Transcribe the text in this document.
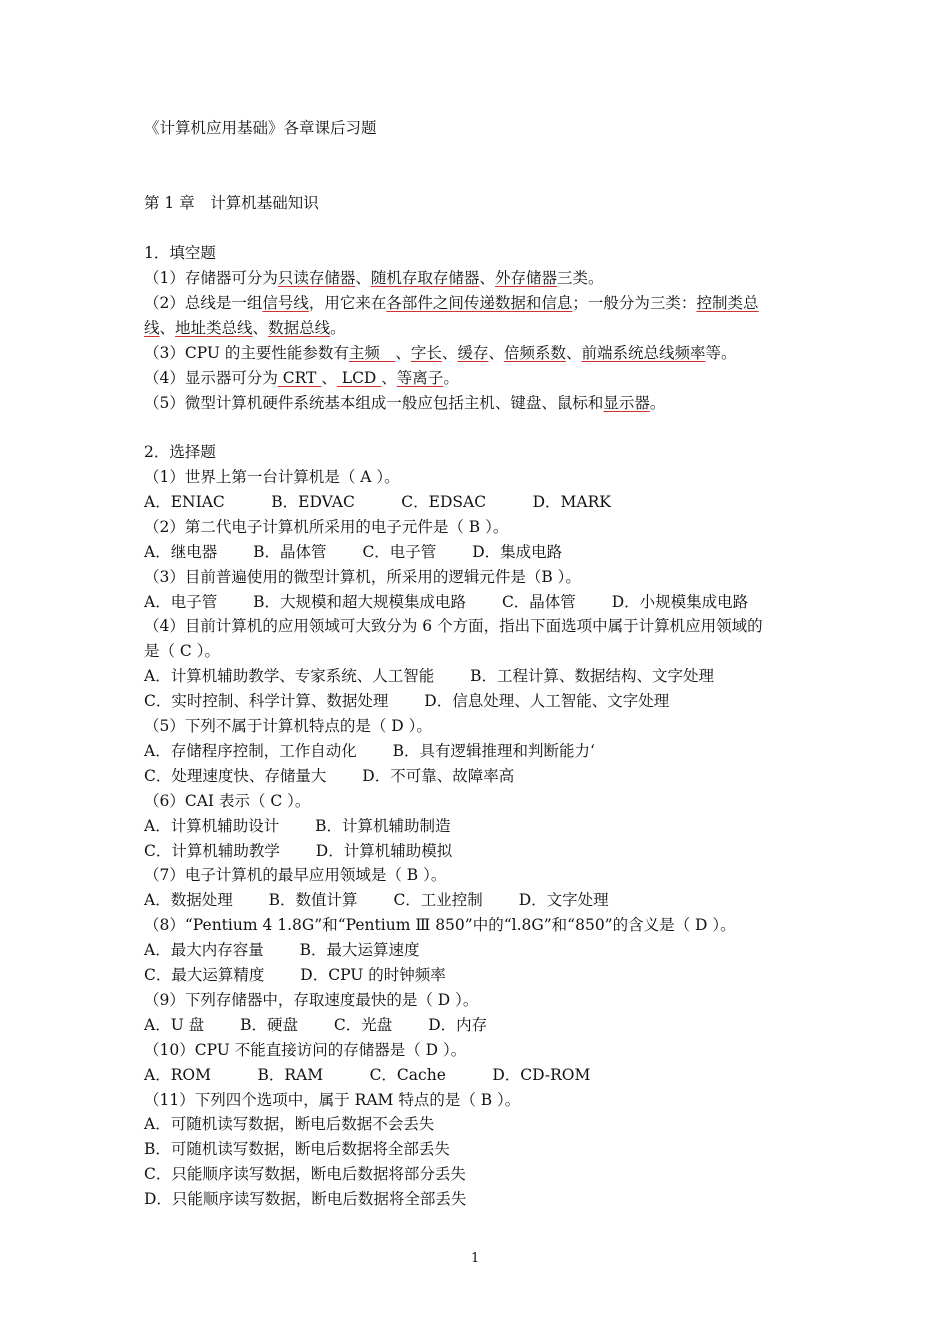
《计算机应用基础》各章课后习题
第 1 章　计算机基础知识
1．填空题
（1）存储器可分为只读存储器、随机存取存储器、外存储器三类。
（2）总线是一组信号线，用它来在各部件之间传递数据和信息；一般分为三类：控制类总
线、地址类总线、数据总线。
（3）CPU 的主要性能参数有主频　、字长、缓存、倍频系数、前端系统总线频率等。
（4）显示器可分为 CRT 、 LCD 、等离子。
（5）微型计算机硬件系统基本组成一般应包括主机、键盘、鼠标和显示器。
2．选择题
（1）世界上第一台计算机是（ A ）。
A．ENIAC　　　B．EDVAC　　　C．EDSAC　　　D．MARK
（2）第二代电子计算机所采用的电子元件是（ B ）。
A．继电器　　 B．晶体管　　 C．电子管　　 D．集成电路
（3）目前普遍使用的微型计算机，所采用的逻辑元件是（B ）。
A．电子管　　 B．大规模和超大规模集成电路　　 C．晶体管　　 D．小规模集成电路
（4）目前计算机的应用领域可大致分为 6 个方面，指出下面选项中属于计算机应用领域的
是（ C ）。
A．计算机辅助教学、专家系统、人工智能　　 B．工程计算、数据结构、文字处理
C．实时控制、科学计算、数据处理　　 D．信息处理、人工智能、文字处理
（5）下列不属于计算机特点的是（ D ）。
A．存储程序控制，工作自动化　　 B．具有逻辑推理和判断能力‘
C．处理速度快、存储量大　　 D．不可靠、故障率高
（6）CAI 表示（ C ）。
A．计算机辅助设计　　 B．计算机辅助制造
C．计算机辅助教学　　 D．计算机辅助模拟
（7）电子计算机的最早应用领域是（ B ）。
A．数据处理　　 B．数值计算　　 C．工业控制　　 D．文字处理
（8）“Pentium 4 1.8G”和“Pentium Ⅲ 850”中的“l.8G”和“850”的含义是（ D ）。
A．最大内存容量　　 B．最大运算速度
C．最大运算精度　　 D．CPU 的时钟频率
（9）下列存储器中，存取速度最快的是（ D ）。
A．U 盘　　 B．硬盘　　 C．光盘　　 D．内存
（10）CPU 不能直接访问的存储器是（ D ）。
A．ROM　　　B．RAM　　　C．Cache　　　D．CD-ROM
（11）下列四个选项中，属于 RAM 特点的是（ B ）。
A．可随机读写数据，断电后数据不会丢失
B．可随机读写数据，断电后数据将全部丢失
C．只能顺序读写数据，断电后数据将部分丢失
D．只能顺序读写数据，断电后数据将全部丢失
1
